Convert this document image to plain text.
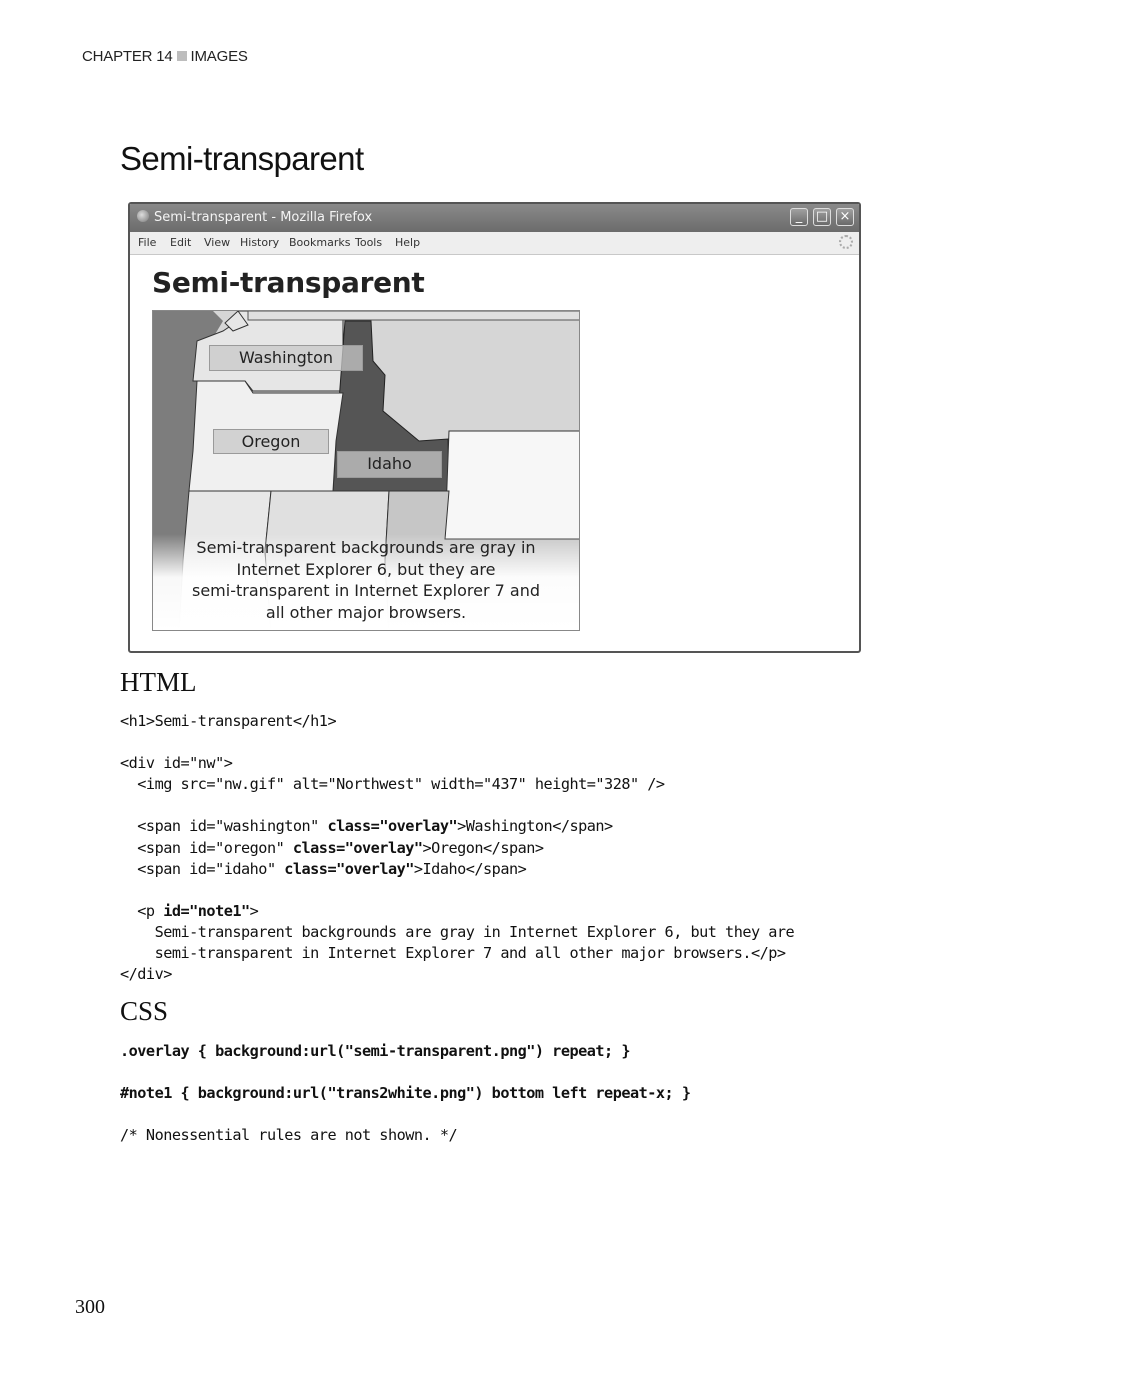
CHAPTER 14 IMAGES
Semi-transparent
Semi-transparent - Mozilla Firefox	_	□ ×
File Edit View History Bookmarks Tools Help
Semi-transparent
Washington
Oregon
Idaho
Semi-transparent backgrounds are gray in
Internet Explorer 6, but they are
semi-transparent in Internet Explorer 7 and
all other major browsers.
HTML
<h1>Semi-transparent</h1>

<div id="nw">
<img src="nw.gif" alt="Northwest" width="437" height="328" />

<span id="washington" class="overlay">Washington</span>
<span id="oregon" class="overlay">Oregon</span>
<span id="idaho" class="overlay">Idaho</span>

<p id="note1">
Semi-transparent backgrounds are gray in Internet Explorer 6, but they are
semi-transparent in Internet Explorer 7 and all other major browsers.</p>
</div>

CSS
.overlay { background:url("semi-transparent.png") repeat; }

#note1 { background:url("trans2white.png") bottom left repeat-x; }

/* Nonessential rules are not shown. */

300
